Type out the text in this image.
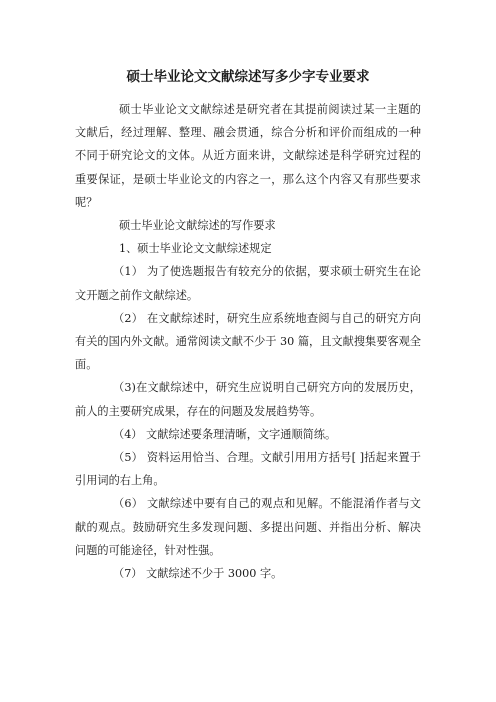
硕士毕业论文文献综述写多少字专业要求

硕士毕业论文文献综述是研究者在其提前阅读过某一主题的文献后，经过理解、整理、融会贯通，综合分析和评价而组成的一种不同于研究论文的文体。从近方面来讲，文献综述是科学研究过程的重要保证，是硕士毕业论文的内容之一，那么这个内容又有那些要求呢？

硕士毕业论文献综述的写作要求

1、硕士毕业论文文献综述规定

（1） 为了使选题报告有较充分的依据，要求硕士研究生在论文开题之前作文献综述。

（2） 在文献综述时，研究生应系统地查阅与自己的研究方向有关的国内外文献。通常阅读文献不少于 30 篇，且文献搜集要客观全面。

（3)在文献综述中，研究生应说明自己研究方向的发展历史，前人的主要研究成果，存在的问题及发展趋势等。

（4） 文献综述要条理清晰，文字通顺简练。

（5） 资料运用恰当、合理。文献引用用方括号[ ]括起来置于引用词的右上角。

（6） 文献综述中要有自己的观点和见解。不能混淆作者与文献的观点。鼓励研究生多发现问题、多提出问题、并指出分析、解决问题的可能途径，针对性强。

（7） 文献综述不少于 3000 字。
